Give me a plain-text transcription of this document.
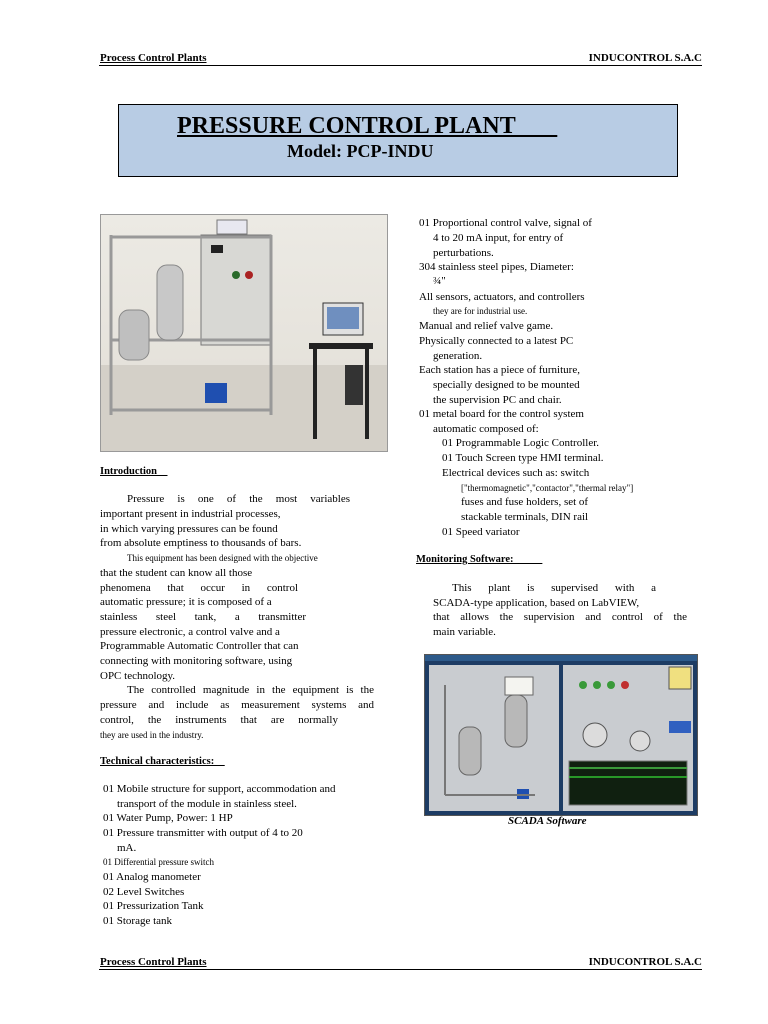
Process Control Plants	INDUCONTROL S.A.C
PRESSURE CONTROL PLANT
Model: PCP-INDU
Introduction
Pressure is one of the most variables
important present in industrial processes,
in which varying pressures can be found
from absolute emptiness to thousands of bars.
This equipment has been designed with the objective
that the student can know all those
phenomena that occur in control
automatic pressure; it is composed of a
stainless steel tank, a transmitter
pressure electronic, a control valve and a
Programmable Automatic Controller that can
connecting with monitoring software, using
OPC technology.
The controlled magnitude in the equipment is the
pressure and include as measurement systems and
control, the instruments that are normally
they are used in the industry.
Technical characteristics:
01 Mobile structure for support, accommodation and
transport of the module in stainless steel.
01 Water Pump, Power: 1 HP
01 Pressure transmitter with output of 4 to 20
mA.
01 Differential pressure switch
01 Analog manometer
02 Level Switches
01 Pressurization Tank
01 Storage tank
01 Proportional control valve, signal of
4 to 20 mA input, for entry of
perturbations.
304 stainless steel pipes, Diameter:
¾"
All sensors, actuators, and controllers
they are for industrial use.
Manual and relief valve game.
Physically connected to a latest PC
generation.
Each station has a piece of furniture,
specially designed to be mounted
the supervision PC and chair.
01 metal board for the control system
automatic composed of:
01 Programmable Logic Controller.
01 Touch Screen type HMI terminal.
Electrical devices such as: switch
["thermomagnetic","contactor","thermal relay"]
fuses and fuse holders, set of
stackable terminals, DIN rail
01 Speed variator
Monitoring Software:
This plant is supervised with a
SCADA-type application, based on LabVIEW,
that allows the supervision and control of the
main variable.
SCADA Software
Process Control Plants	INDUCONTROL S.A.C
